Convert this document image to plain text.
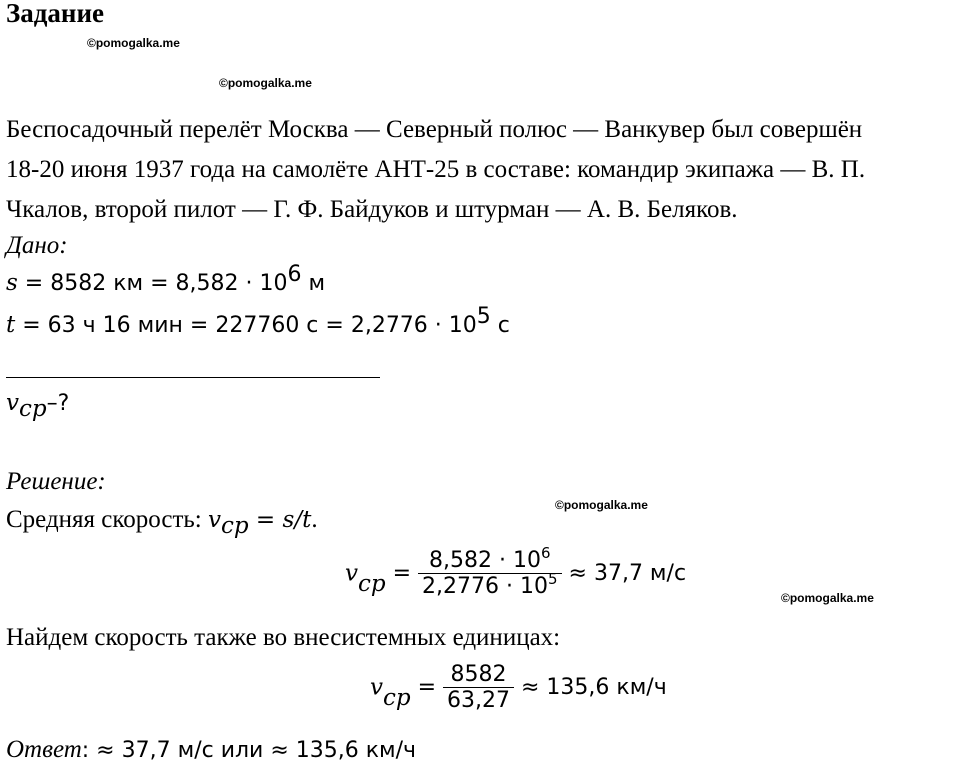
Задание
©pomogalka.me
©pomogalka.me
©pomogalka.me
©pomogalka.me
Беспосадочный перелёт Москва — Северный полюс — Ванкувер был совершён
18-20 июня 1937 года на самолёте АНТ-25 в составе: командир экипажа — В. П.
Чкалов, второй пилот — Г. Ф. Байдуков и штурман — А. В. Беляков.
Дано:
s = 8582 км = $8,582 \cdot 10^6$ м
t = 63 ч 16 мин = 227760 $с = 2,2776 \cdot 10^5$ с
$v_{ср}-$?
Решение:
Средняя скорость: $v_{ср} = s/t$.
$v_{ср} = \frac{8,582 \cdot 10^6}{2,2776 \cdot 10^5} \approx 37,7$ м/с
Найдем скорость также во внесистемных единицах:
$v_{ср} = \frac{8582}{63,27} \approx 135,6$ км/ч
Ответ: ≈ 37,7 м/с или ≈ 135,6 км/ч
